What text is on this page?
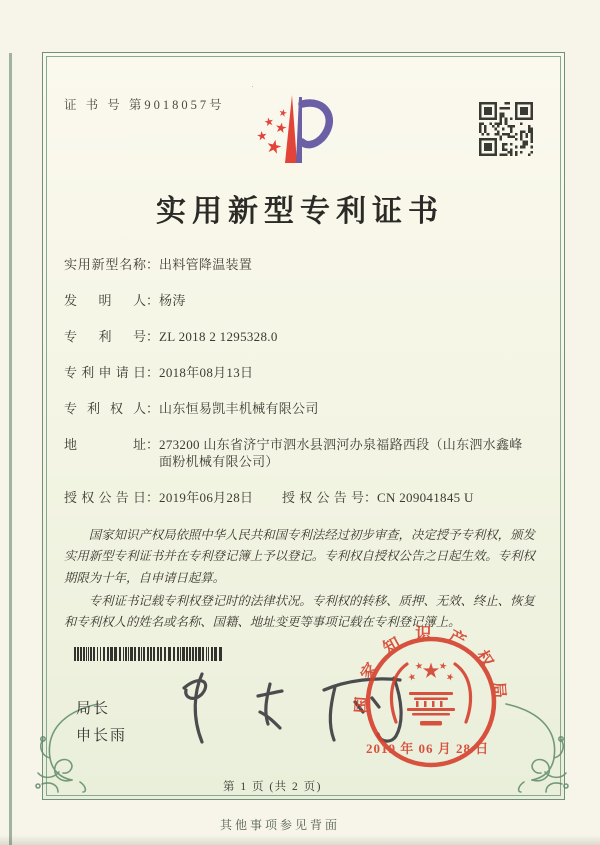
证 书 号 第9018057号
实用新型专利证书
实用新型名称：出料管降温装置
发明人：杨涛
专利号：ZL 2018 2 1295328.0
专利申请日：2018年08月13日
专利权人：山东恒易凯丰机械有限公司
地址：273200 山东省济宁市泗水县泗河办泉福路西段（山东泗水鑫峰面粉机械有限公司）
授权公告日：2019年06月28日 授权公告号：CN 209041845 U

国家知识产权局依照中华人民共和国专利法经过初步审查，决定授予专利权，颁发实用新型专利证书并在专利登记簿上予以登记。专利权自授权公告之日起生效。专利权期限为十年，自申请日起算。

专利证书记载专利权登记时的法律状况。专利权的转移、质押、无效、终止、恢复和专利权人的姓名或名称、国籍、地址变更等事项记载在专利登记簿上。

局长
申长雨
国家知识产权局
2019 年 06 月 28 日
第 1 页 (共 2 页)
其他事项参见背面
